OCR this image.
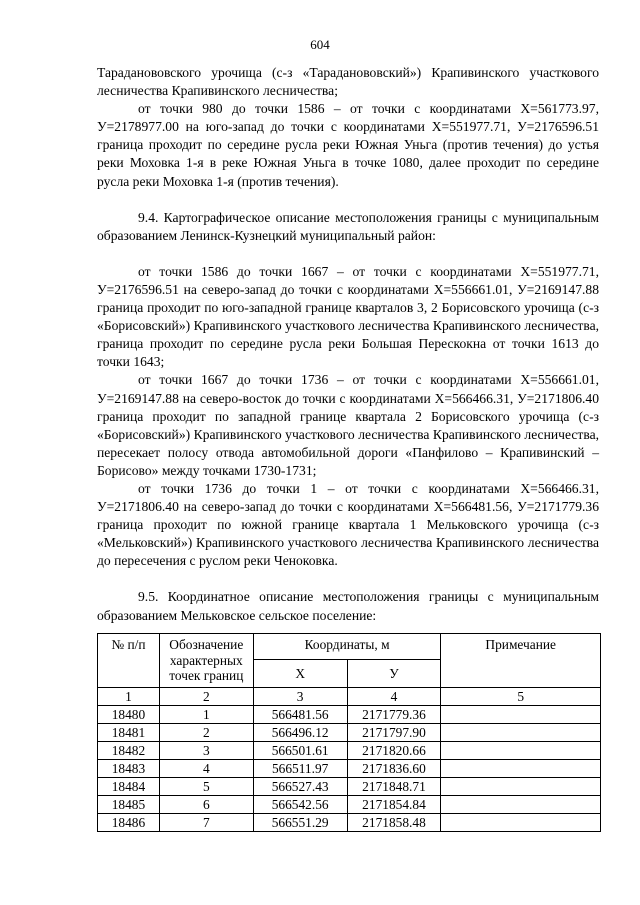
604

Тараданововского урочища (с-з «Тараданововский») Крапивинского участкового лесничества Крапивинского лесничества;

от точки 980 до точки 1586 – от точки с координатами Х=561773.97, У=2178977.00 на юго-запад до точки с координатами Х=551977.71, У=2176596.51 граница проходит по середине русла реки Южная Уньга (против течения) до устья реки Моховка 1-я в реке Южная Уньга в точке 1080, далее проходит по середине русла реки Моховка 1-я (против течения).

9.4. Картографическое описание местоположения границы с муниципальным образованием Ленинск-Кузнецкий муниципальный район:

от точки 1586 до точки 1667 – от точки с координатами Х=551977.71, У=2176596.51 на северо-запад до точки с координатами Х=556661.01, У=2169147.88 граница проходит по юго-западной границе кварталов 3, 2 Борисовского урочища (с-з «Борисовский») Крапивинского участкового лесничества Крапивинского лесничества, граница проходит по середине русла реки Большая Перескокна от точки 1613 до точки 1643;

от точки 1667 до точки 1736 – от точки с координатами Х=556661.01, У=2169147.88 на северо-восток до точки с координатами Х=566466.31, У=2171806.40 граница проходит по западной границе квартала 2 Борисовского урочища (с-з «Борисовский») Крапивинского участкового лесничества Крапивинского лесничества, пересекает полосу отвода автомобильной дороги «Панфилово – Крапивинский – Борисово» между точками 1730-1731;

от точки 1736 до точки 1 – от точки с координатами Х=566466.31, У=2171806.40 на северо-запад до точки с координатами Х=566481.56, У=2171779.36 граница проходит по южной границе квартала 1 Мельковского урочища (с-з «Мельковский») Крапивинского участкового лесничества Крапивинского лесничества до пересечения с руслом реки Ченоковка.

9.5. Координатное описание местоположения границы с муниципальным образованием Мельковское сельское поселение:

№ п/п	Обозначение характерных точек границ	Координаты, м		Примечание
		Х	У	
1	2	3	4	5
18480	1	566481.56	2171779.36	
18481	2	566496.12	2171797.90	
18482	3	566501.61	2171820.66	
18483	4	566511.97	2171836.60	
18484	5	566527.43	2171848.71	
18485	6	566542.56	2171854.84	
18486	7	566551.29	2171858.48	
